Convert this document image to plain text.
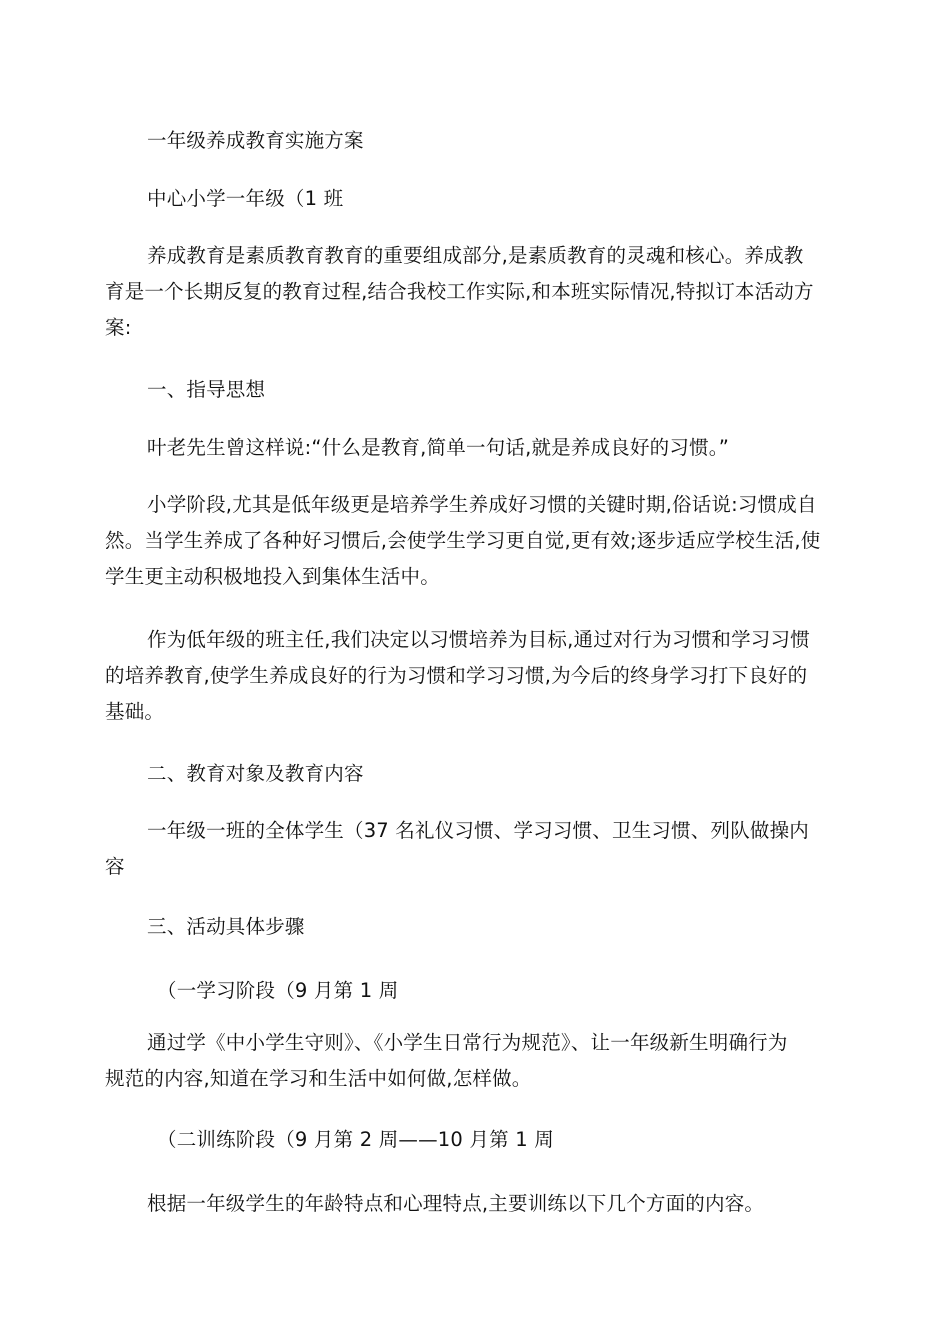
一年级养成教育实施方案
中心小学一年级（1 班
养成教育是素质教育教育的重要组成部分,是素质教育的灵魂和核心。养成教
育是一个长期反复的教育过程,结合我校工作实际,和本班实际情况,特拟订本活动方
案:
一、指导思想
叶老先生曾这样说:“什么是教育,简单一句话,就是养成良好的习惯。”
小学阶段,尤其是低年级更是培养学生养成好习惯的关键时期,俗话说:习惯成自
然。当学生养成了各种好习惯后,会使学生学习更自觉,更有效;逐步适应学校生活,使
学生更主动积极地投入到集体生活中。
作为低年级的班主任,我们决定以习惯培养为目标,通过对行为习惯和学习习惯
的培养教育,使学生养成良好的行为习惯和学习习惯,为今后的终身学习打下良好的
基础。
二、教育对象及教育内容
一年级一班的全体学生（37 名礼仪习惯、学习习惯、卫生习惯、列队做操内
容
三、活动具体步骤
（一学习阶段（9 月第 1 周
通过学《中小学生守则》、《小学生日常行为规范》、让一年级新生明确行为
规范的内容,知道在学习和生活中如何做,怎样做。
（二训练阶段（9 月第 2 周——10 月第 1 周
根据一年级学生的年龄特点和心理特点,主要训练以下几个方面的内容。
